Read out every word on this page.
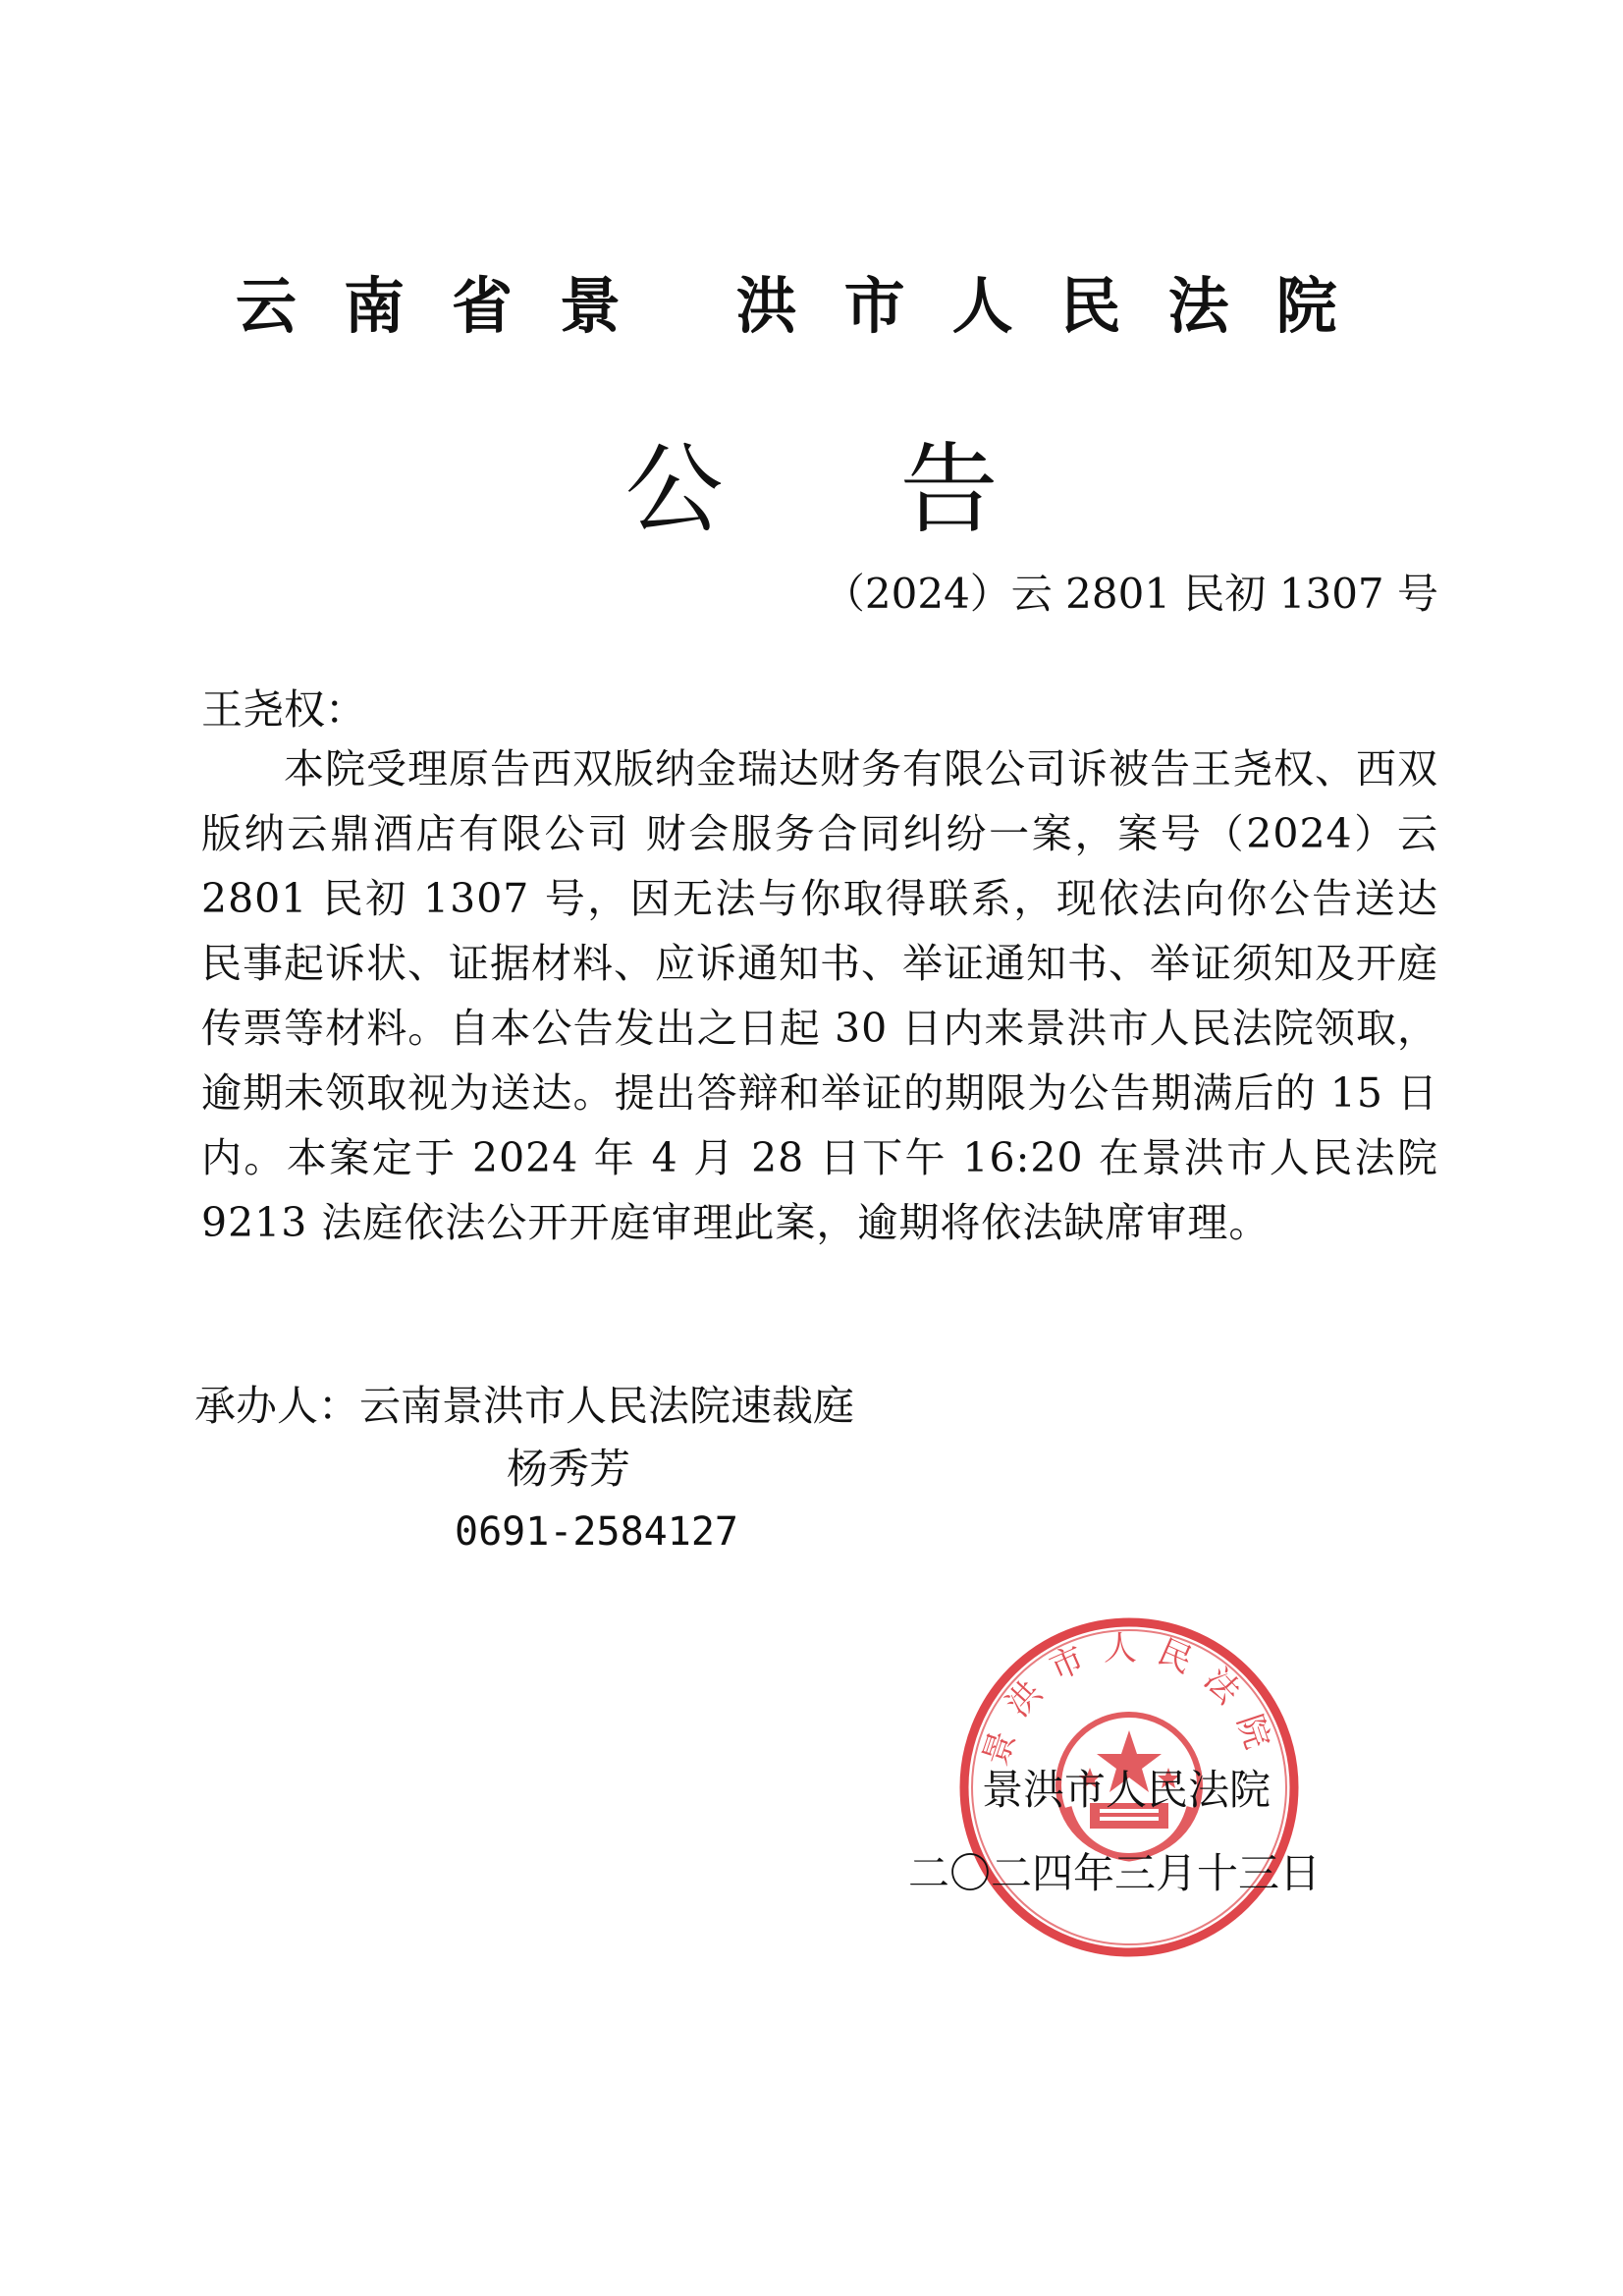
云南省景 洪市人民法院
公告
（2024）云 2801 民初 1307 号
王尧权：
本院受理原告西双版纳金瑞达财务有限公司诉被告王尧权、西双版纳云鼎酒店有限公司 财会服务合同纠纷一案，案号（2024）云 2801 民初 1307 号，因无法与你取得联系，现依法向你公告送达民事起诉状、证据材料、应诉通知书、举证通知书、举证须知及开庭传票等材料。自本公告发出之日起 30 日内来景洪市人民法院领取，逾期未领取视为送达。提出答辩和举证的期限为公告期满后的 15 日内。本案定于 2024 年 4 月 28 日下午 16:20 在景洪市人民法院 9213 法庭依法公开开庭审理此案，逾期将依法缺席审理。
承办人：云南景洪市人民法院速裁庭
杨秀芳
0691-2584127
景洪市人民法院
景洪市人民法院
二〇二四年三月十三日
